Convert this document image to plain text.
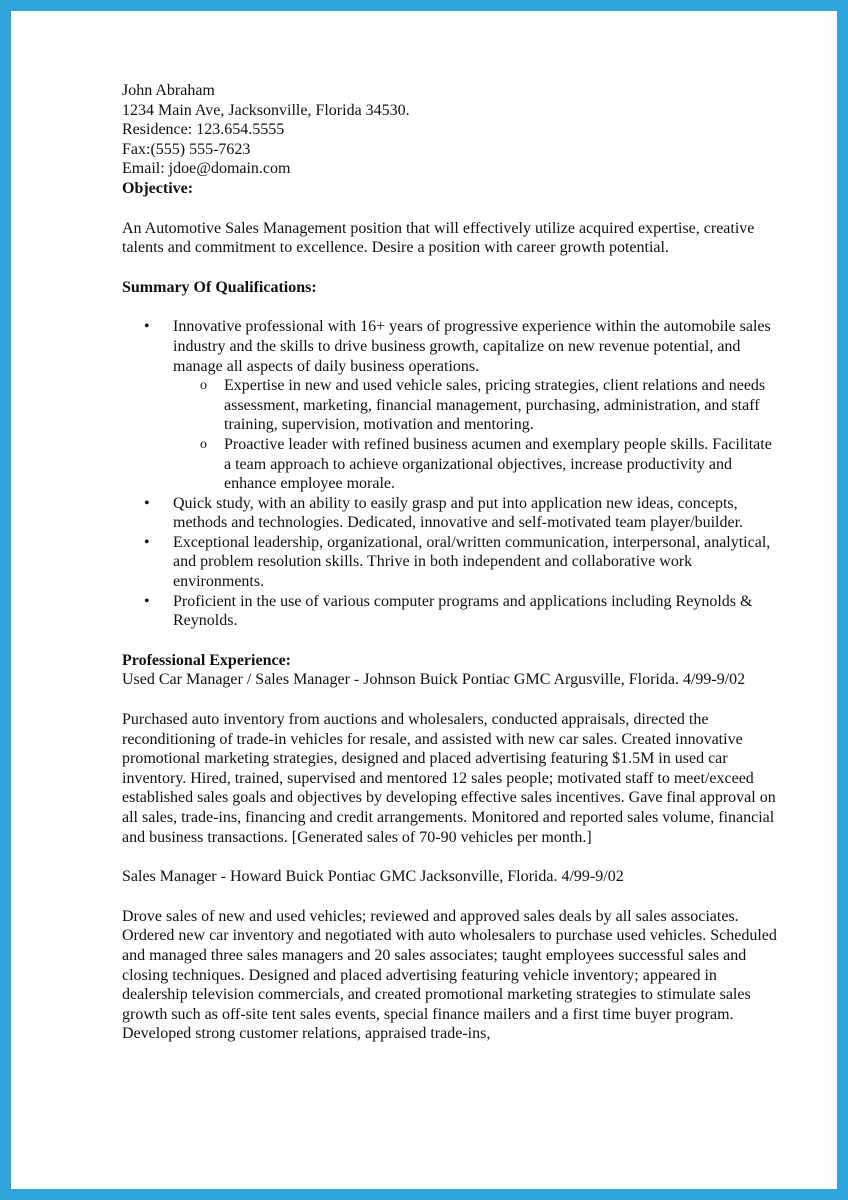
John Abraham

1234 Main Ave, Jacksonville, Florida 34530.

Residence: 123.654.5555

Fax:(555) 555-7623

Email: jdoe@domain.com

Objective:

An Automotive Sales Management position that will effectively utilize acquired expertise, creative talents and commitment to excellence. Desire a position with career growth potential.

Summary Of Qualifications:

• Innovative professional with 16+ years of progressive experience within the automobile sales industry and the skills to drive business growth, capitalize on new revenue potential, and manage all aspects of daily business operations.
o Expertise in new and used vehicle sales, pricing strategies, client relations and needs assessment, marketing, financial management, purchasing, administration, and staff training, supervision, motivation and mentoring.
o Proactive leader with refined business acumen and exemplary people skills. Facilitate a team approach to achieve organizational objectives, increase productivity and enhance employee morale.
• Quick study, with an ability to easily grasp and put into application new ideas, concepts, methods and technologies. Dedicated, innovative and self-motivated team player/builder.
• Exceptional leadership, organizational, oral/written communication, interpersonal, analytical, and problem resolution skills. Thrive in both independent and collaborative work environments.
• Proficient in the use of various computer programs and applications including Reynolds & Reynolds.

Professional Experience:

Used Car Manager / Sales Manager - Johnson Buick Pontiac GMC Argusville, Florida. 4/99-9/02

Purchased auto inventory from auctions and wholesalers, conducted appraisals, directed the reconditioning of trade-in vehicles for resale, and assisted with new car sales. Created innovative promotional marketing strategies, designed and placed advertising featuring $1.5M in used car inventory. Hired, trained, supervised and mentored 12 sales people; motivated staff to meet/exceed established sales goals and objectives by developing effective sales incentives. Gave final approval on all sales, trade-ins, financing and credit arrangements. Monitored and reported sales volume, financial and business transactions. [Generated sales of 70-90 vehicles per month.]

Sales Manager - Howard Buick Pontiac GMC Jacksonville, Florida. 4/99-9/02

Drove sales of new and used vehicles; reviewed and approved sales deals by all sales associates. Ordered new car inventory and negotiated with auto wholesalers to purchase used vehicles. Scheduled and managed three sales managers and 20 sales associates; taught employees successful sales and closing techniques. Designed and placed advertising featuring vehicle inventory; appeared in dealership television commercials, and created promotional marketing strategies to stimulate sales growth such as off-site tent sales events, special finance mailers and a first time buyer program. Developed strong customer relations, appraised trade-ins,
